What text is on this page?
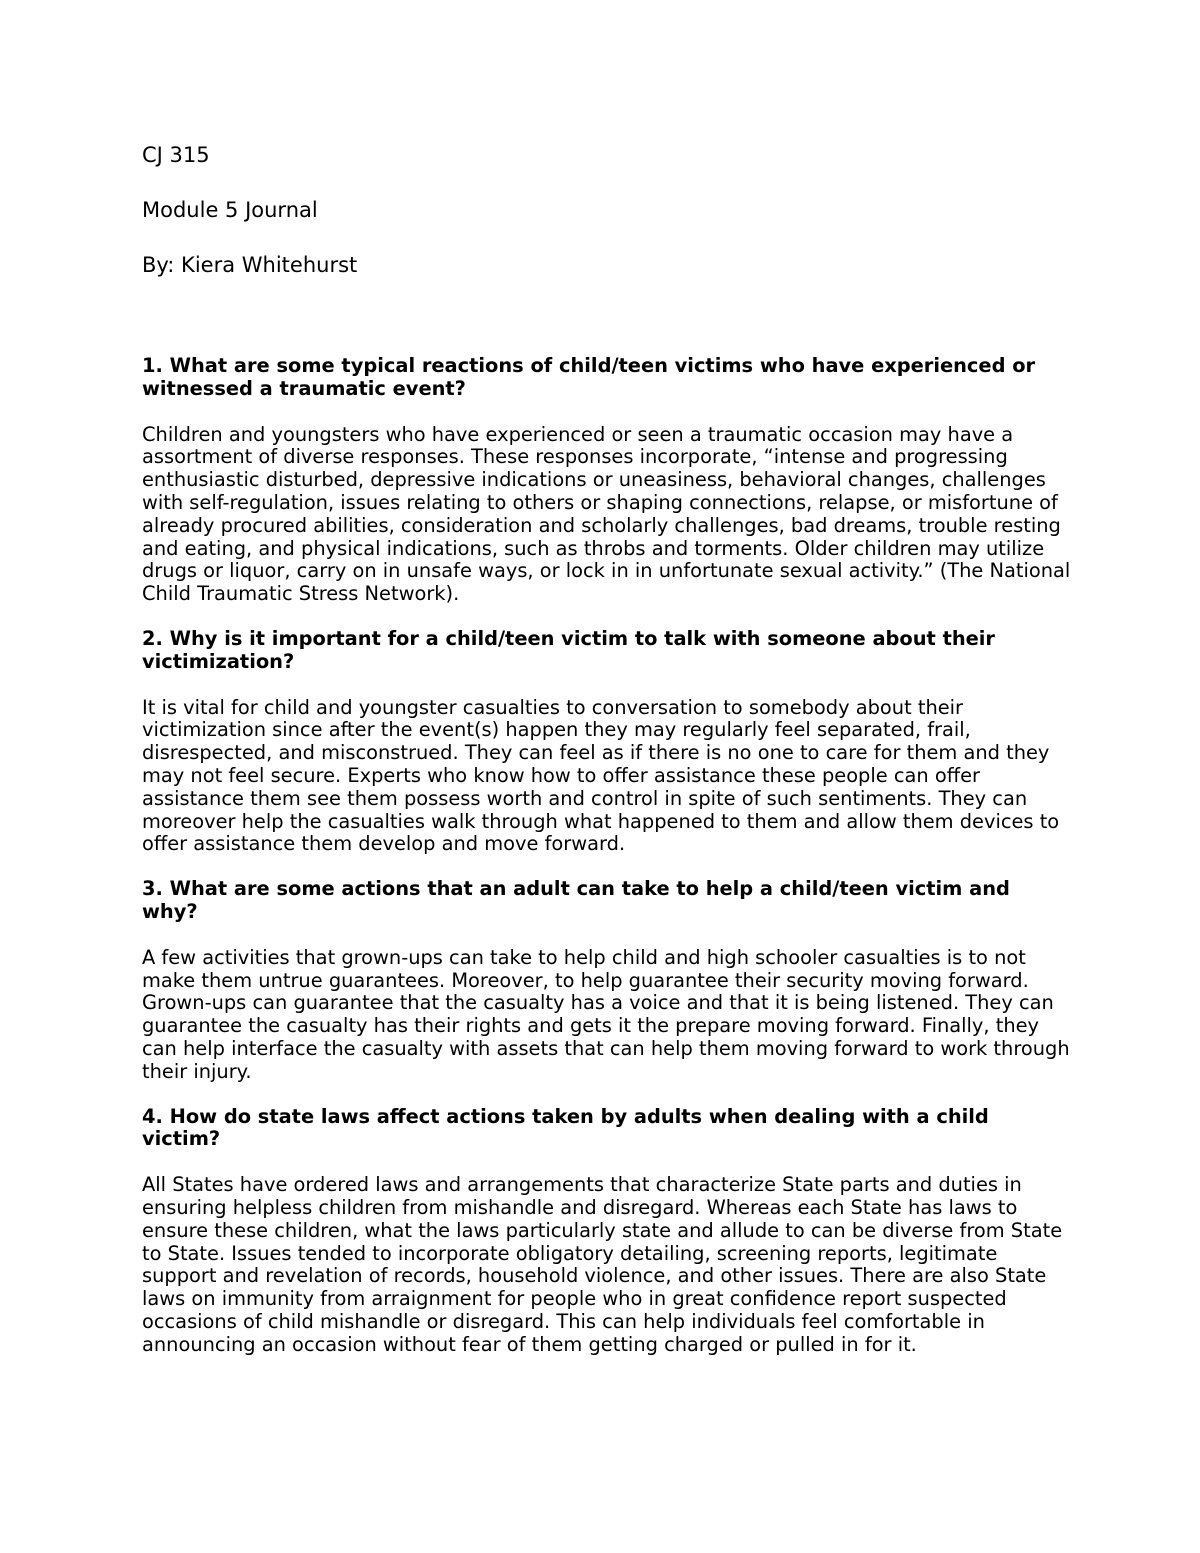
CJ 315

Module 5 Journal

By: Kiera Whitehurst

1. What are some typical reactions of child/teen victims who have experienced or witnessed a traumatic event?

Children and youngsters who have experienced or seen a traumatic occasion may have a assortment of diverse responses. These responses incorporate, “intense and progressing enthusiastic disturbed, depressive indications or uneasiness, behavioral changes, challenges with self-regulation, issues relating to others or shaping connections, relapse, or misfortune of already procured abilities, consideration and scholarly challenges, bad dreams, trouble resting and eating, and physical indications, such as throbs and torments. Older children may utilize drugs or liquor, carry on in unsafe ways, or lock in in unfortunate sexual activity.” (The National Child Traumatic Stress Network).

2. Why is it important for a child/teen victim to talk with someone about their victimization?

It is vital for child and youngster casualties to conversation to somebody about their victimization since after the event(s) happen they may regularly feel separated, frail, disrespected, and misconstrued. They can feel as if there is no one to care for them and they may not feel secure. Experts who know how to offer assistance these people can offer assistance them see them possess worth and control in spite of such sentiments. They can moreover help the casualties walk through what happened to them and allow them devices to offer assistance them develop and move forward.

3. What are some actions that an adult can take to help a child/teen victim and why?

A few activities that grown-ups can take to help child and high schooler casualties is to not make them untrue guarantees. Moreover, to help guarantee their security moving forward. Grown-ups can guarantee that the casualty has a voice and that it is being listened. They can guarantee the casualty has their rights and gets it the prepare moving forward. Finally, they can help interface the casualty with assets that can help them moving forward to work through their injury.

4. How do state laws affect actions taken by adults when dealing with a child victim?

All States have ordered laws and arrangements that characterize State parts and duties in ensuring helpless children from mishandle and disregard. Whereas each State has laws to ensure these children, what the laws particularly state and allude to can be diverse from State to State. Issues tended to incorporate obligatory detailing, screening reports, legitimate support and revelation of records, household violence, and other issues. There are also State laws on immunity from arraignment for people who in great confidence report suspected occasions of child mishandle or disregard. This can help individuals feel comfortable in announcing an occasion without fear of them getting charged or pulled in for it.
